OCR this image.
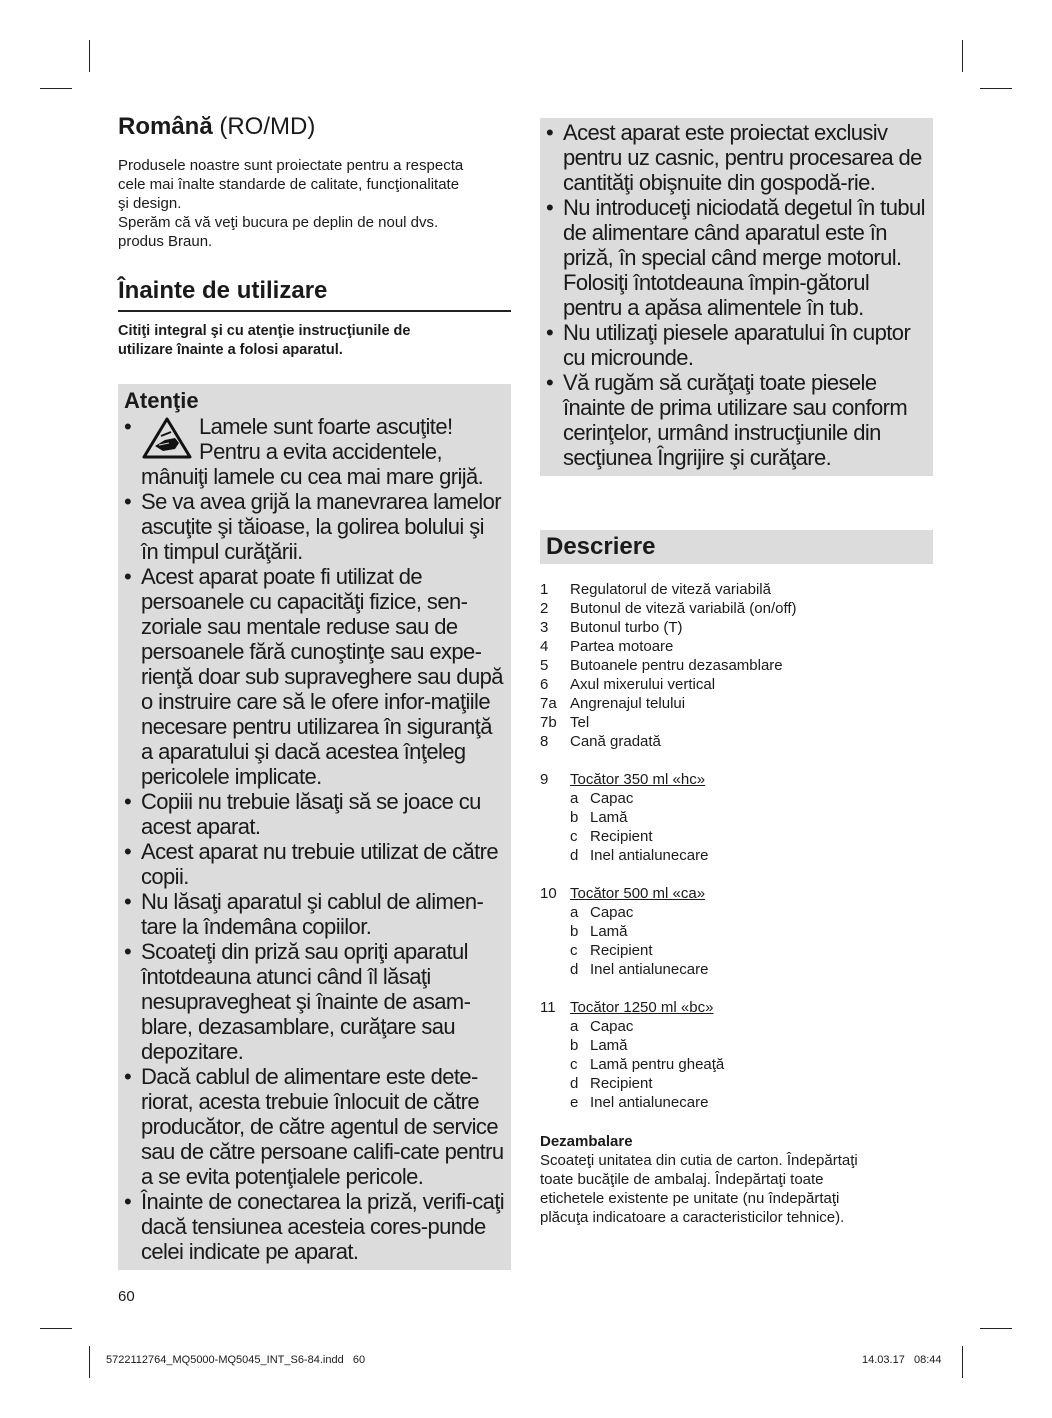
Română (RO/MD)

Produsele noastre sunt proiectate pentru a respecta
cele mai înalte standarde de calitate, funcţionalitate
şi design.
Sperăm că vă veţi bucura pe deplin de noul dvs.
produs Braun.

Înainte de utilizare

Citiţi integral şi cu atenţie instrucţiunile de
utilizare înainte a folosi aparatul.

Atenţie
• Lamele sunt foarte ascuţite! Pentru a evita accidentele, mânuiţi lamele cu cea mai mare grijă.
• Se va avea grijă la manevrarea lamelor ascuţite şi tăioase, la golirea bolului şi în timpul curăţării.
• Acest aparat poate fi utilizat de persoanele cu capacităţi fizice, sen-zoriale sau mentale reduse sau de persoanele fără cunoştinţe sau expe-rienţă doar sub supraveghere sau după o instruire care să le ofere infor-maţiile necesare pentru utilizarea în siguranţă a aparatului şi dacă acestea înţeleg pericolele implicate.
• Copiii nu trebuie lăsaţi să se joace cu acest aparat.
• Acest aparat nu trebuie utilizat de către copii.
• Nu lăsaţi aparatul şi cablul de alimen-tare la îndemâna copiilor.
• Scoateţi din priză sau opriţi aparatul întotdeauna atunci când îl lăsaţi nesupravegheat şi înainte de asam-blare, dezasamblare, curăţare sau depozitare.
• Dacă cablul de alimentare este dete-riorat, acesta trebuie înlocuit de către producător, de către agentul de service sau de către persoane califi-cate pentru a se evita potenţialele pericole.
• Înainte de conectarea la priză, verifi-caţi dacă tensiunea acesteia cores-punde celei indicate pe aparat.
• Acest aparat este proiectat exclusiv pentru uz casnic, pentru procesarea de cantităţi obişnuite din gospodă-rie.
• Nu introduceţi niciodată degetul în tubul de alimentare când aparatul este în priză, în special când merge motorul. Folosiţi întotdeauna împin-gătorul pentru a apăsa alimentele în tub.
• Nu utilizaţi piesele aparatului în cuptor cu microunde.
• Vă rugăm să curăţaţi toate piesele înainte de prima utilizare sau conform cerinţelor, urmând instrucţiunile din secţiunea Îngrijire şi curăţare.
Descriere
1	Regulatorul de viteză variabilă
2	Butonul de viteză variabilă (on/off)
3	Butonul turbo (T)
4	Partea motoare
5	Butoanele pentru dezasamblare
6	Axul mixerului vertical
7a Angrenajul telului
7b Tel
8	Cană gradată
9	Tocător 350 ml «hc»
a Capac
b Lamă
c Recipient
d Inel antialunecare
10 Tocător 500 ml «ca»
a Capac
b Lamă
c Recipient
d Inel antialunecare
11 Tocător 1250 ml «bc»
a Capac
b Lamă
c Lamă pentru gheaţă
d Recipient
e Inel antialunecare
Dezambalare

Scoateţi unitatea din cutia de carton. Îndepărtaţi
toate bucăţile de ambalaj. Îndepărtaţi toate
etichetele existente pe unitate (nu îndepărtaţi
plăcuţa indicatoare a caracteristicilor tehnice).

60
5722112764_MQ5000-MQ5045_INT_S6-84.indd   60	14.03.17   08:44
